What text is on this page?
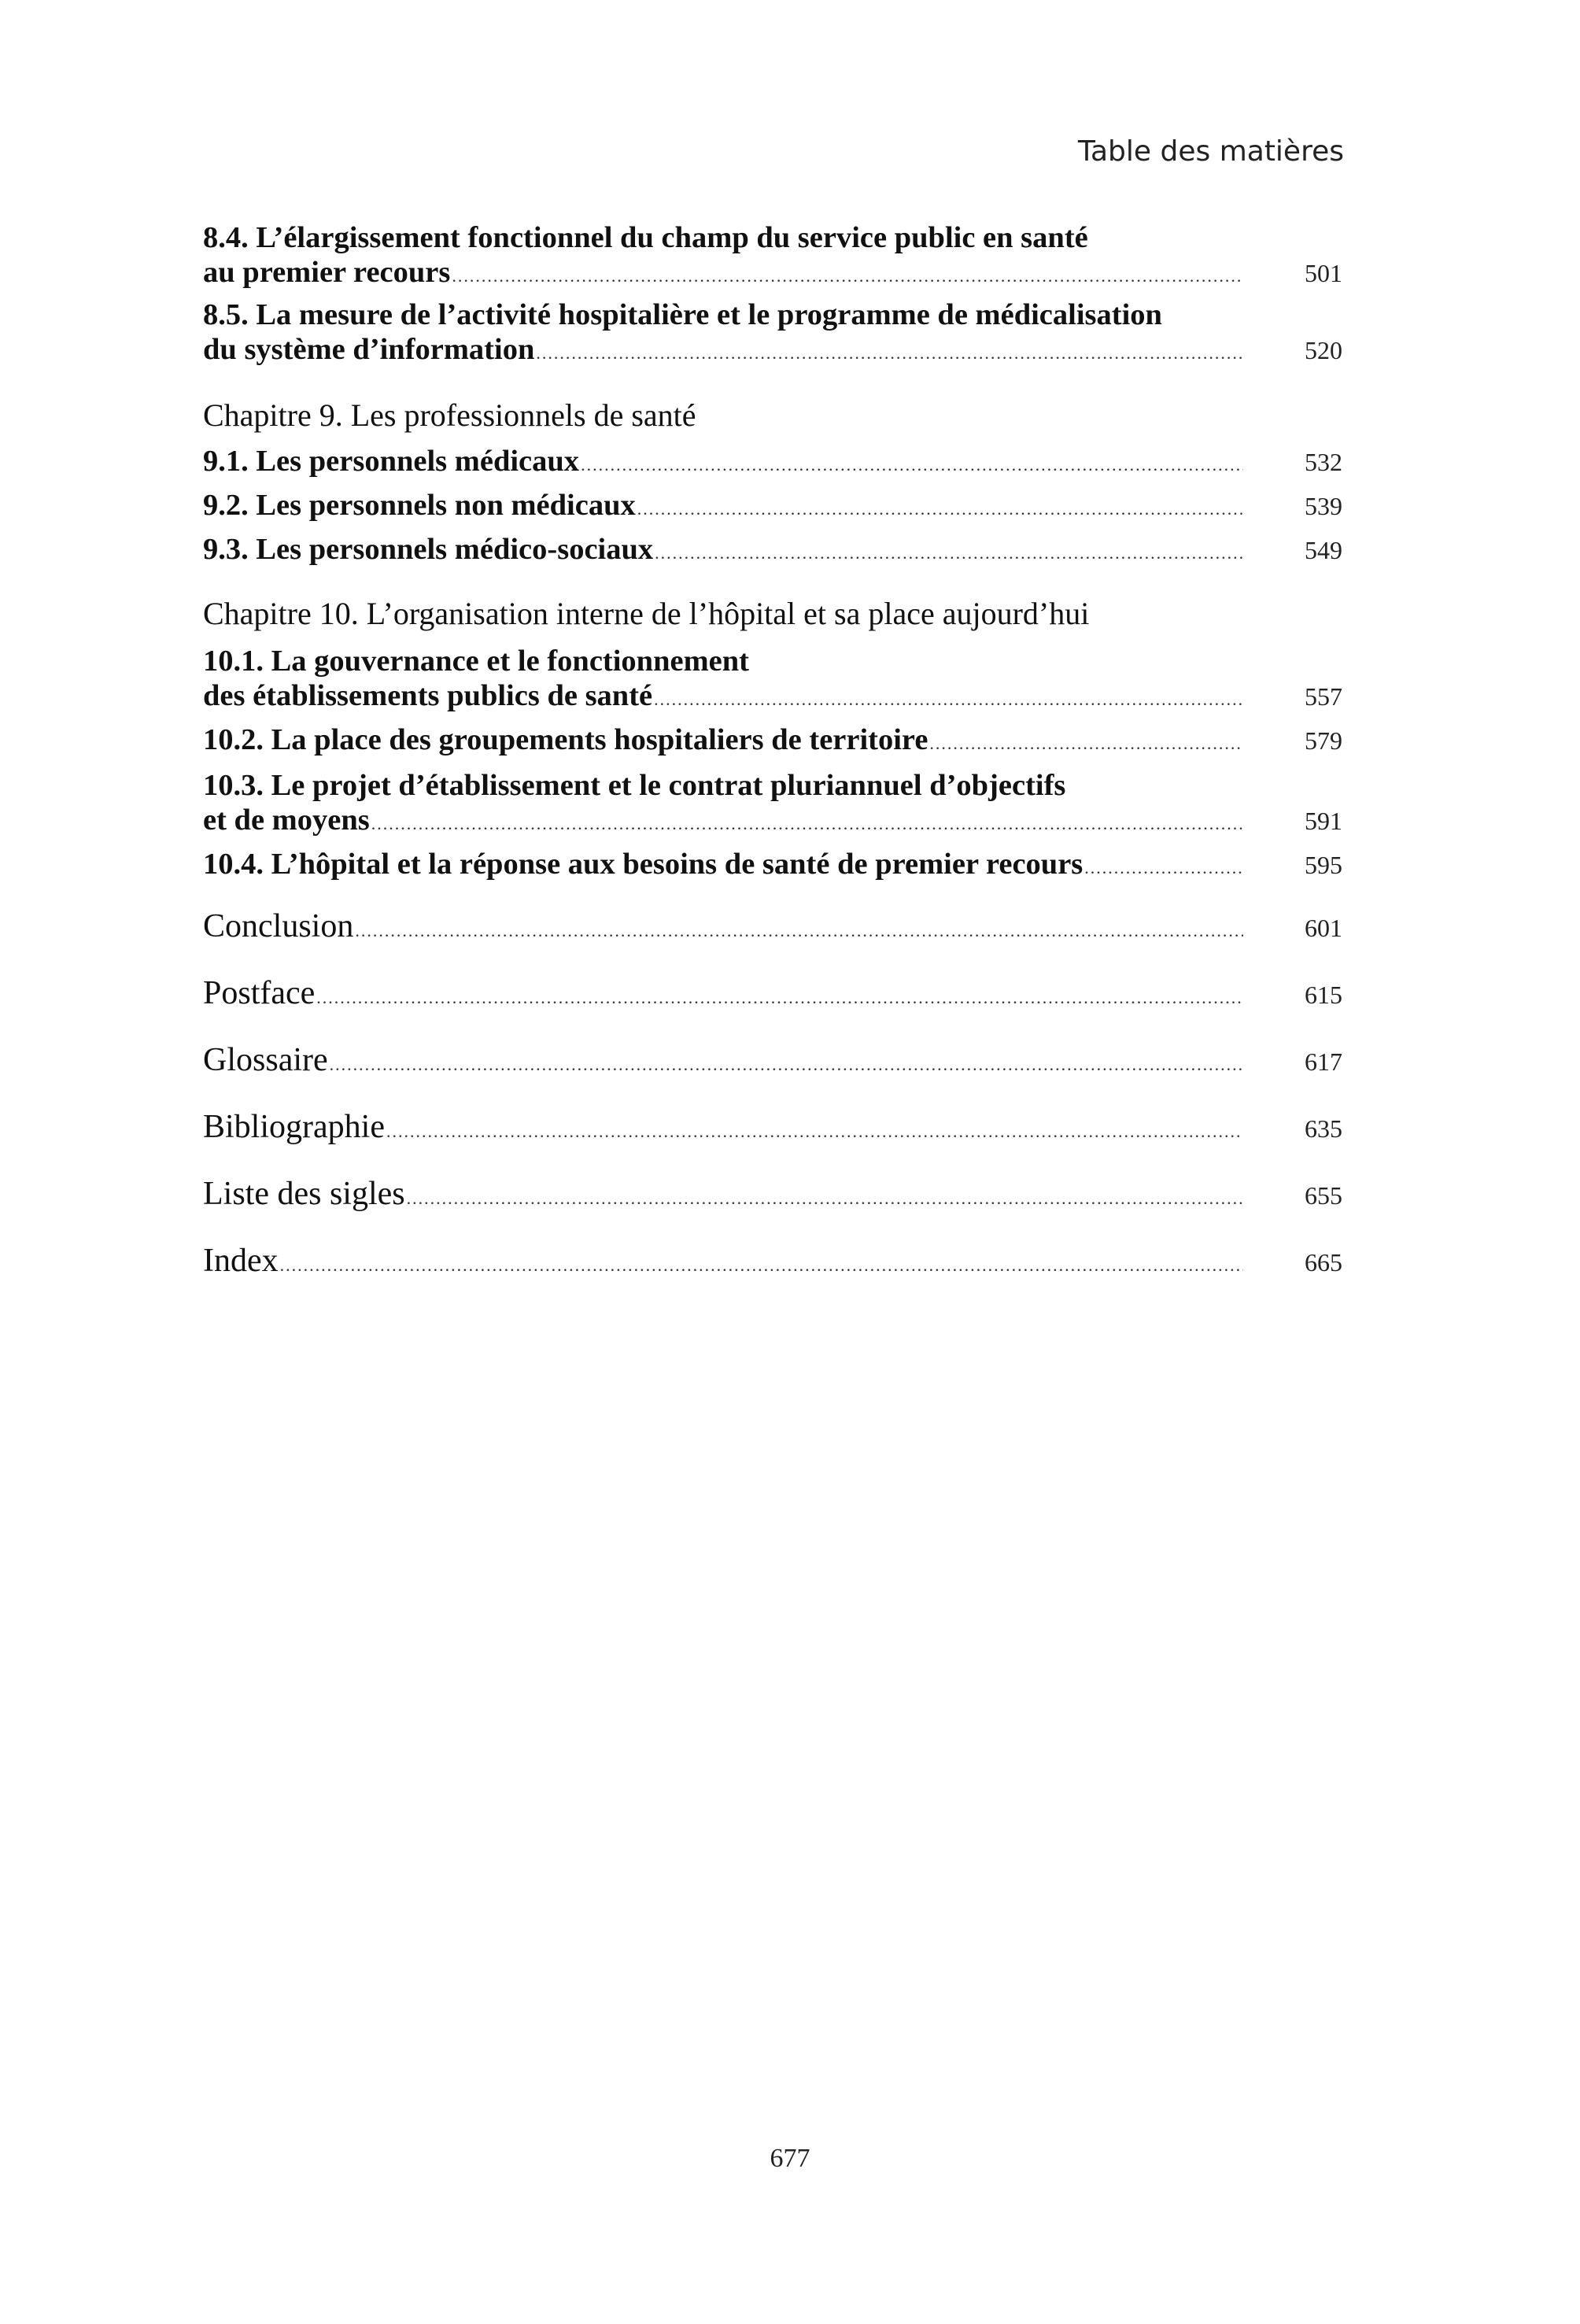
Table des matières
8.4. L’élargissement fonctionnel du champ du service public en santé
au premier recours .....	501
8.5. La mesure de l’activité hospitalière et le programme de médicalisation
du système d’information .....	520
Chapitre 9. Les professionnels de santé
9.1. Les personnels médicaux .....	532
9.2. Les personnels non médicaux .....	539
9.3. Les personnels médico-sociaux .....	549
Chapitre 10. L’organisation interne de l’hôpital et sa place aujourd’hui
10.1. La gouvernance et le fonctionnement
des établissements publics de santé .....	557
10.2. La place des groupements hospitaliers de territoire .....	579
10.3. Le projet d’établissement et le contrat pluriannuel d’objectifs
et de moyens .....	591
10.4. L’hôpital et la réponse aux besoins de santé de premier recours .....	595
Conclusion .....	601
Postface .....	615
Glossaire .....	617
Bibliographie .....	635
Liste des sigles .....	655
Index .....	665
677
